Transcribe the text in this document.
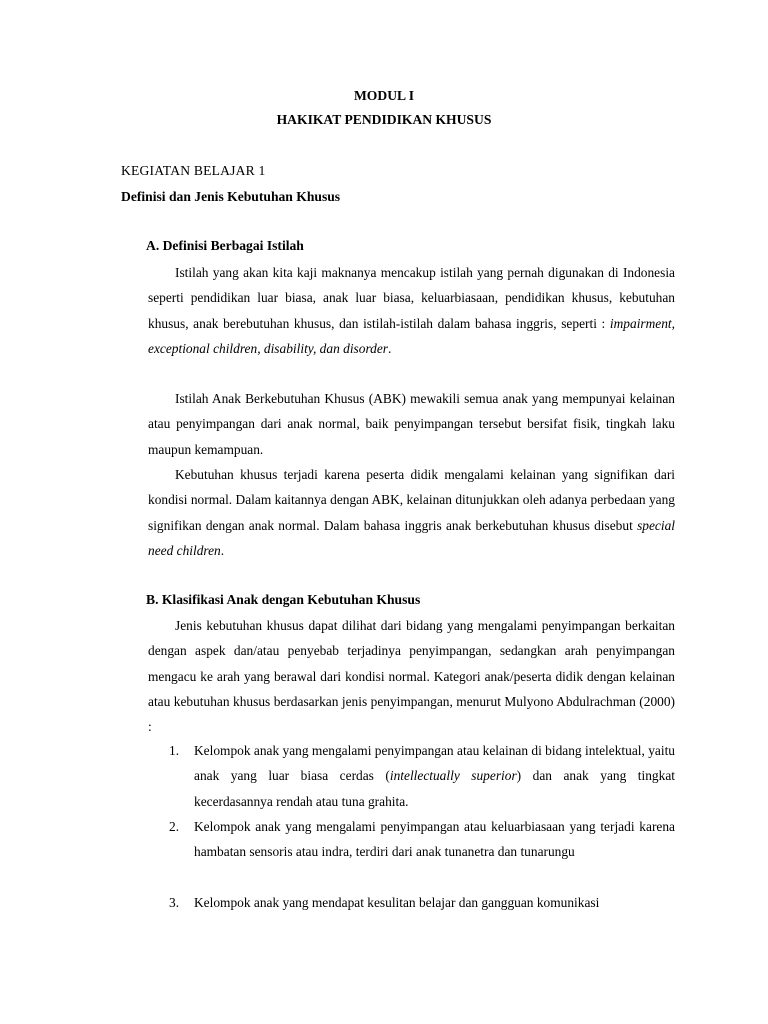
MODUL I
HAKIKAT PENDIDIKAN KHUSUS
KEGIATAN BELAJAR 1
Definisi dan Jenis Kebutuhan Khusus
A. Definisi Berbagai Istilah

Istilah yang akan kita kaji maknanya mencakup istilah yang pernah digunakan di Indonesia seperti pendidikan luar biasa, anak luar biasa, keluarbiasaan, pendidikan khusus, kebutuhan khusus, anak berebutuhan khusus, dan istilah-istilah dalam bahasa inggris, seperti : impairment, exceptional children, disability, dan disorder.

Istilah Anak Berkebutuhan Khusus (ABK) mewakili semua anak yang mempunyai kelainan atau penyimpangan dari anak normal, baik penyimpangan tersebut bersifat fisik, tingkah laku maupun kemampuan.

Kebutuhan khusus terjadi karena peserta didik mengalami kelainan yang signifikan dari kondisi normal. Dalam kaitannya dengan ABK, kelainan ditunjukkan oleh adanya perbedaan yang signifikan dengan anak normal. Dalam bahasa inggris anak berkebutuhan khusus disebut special need children.

B. Klasifikasi Anak dengan Kebutuhan Khusus

Jenis kebutuhan khusus dapat dilihat dari bidang yang mengalami penyimpangan berkaitan dengan aspek dan/atau penyebab terjadinya penyimpangan, sedangkan arah penyimpangan mengacu ke arah yang berawal dari kondisi normal. Kategori anak/peserta didik dengan kelainan atau kebutuhan khusus berdasarkan jenis penyimpangan, menurut Mulyono Abdulrachman (2000) :

1. Kelompok anak yang mengalami penyimpangan atau kelainan di bidang intelektual, yaitu anak yang luar biasa cerdas (intellectually superior) dan anak yang tingkat kecerdasannya rendah atau tuna grahita.
2. Kelompok anak yang mengalami penyimpangan atau keluarbiasaan yang terjadi karena hambatan sensoris atau indra, terdiri dari anak tunanetra dan tunarungu
3. Kelompok anak yang mendapat kesulitan belajar dan gangguan komunikasi
